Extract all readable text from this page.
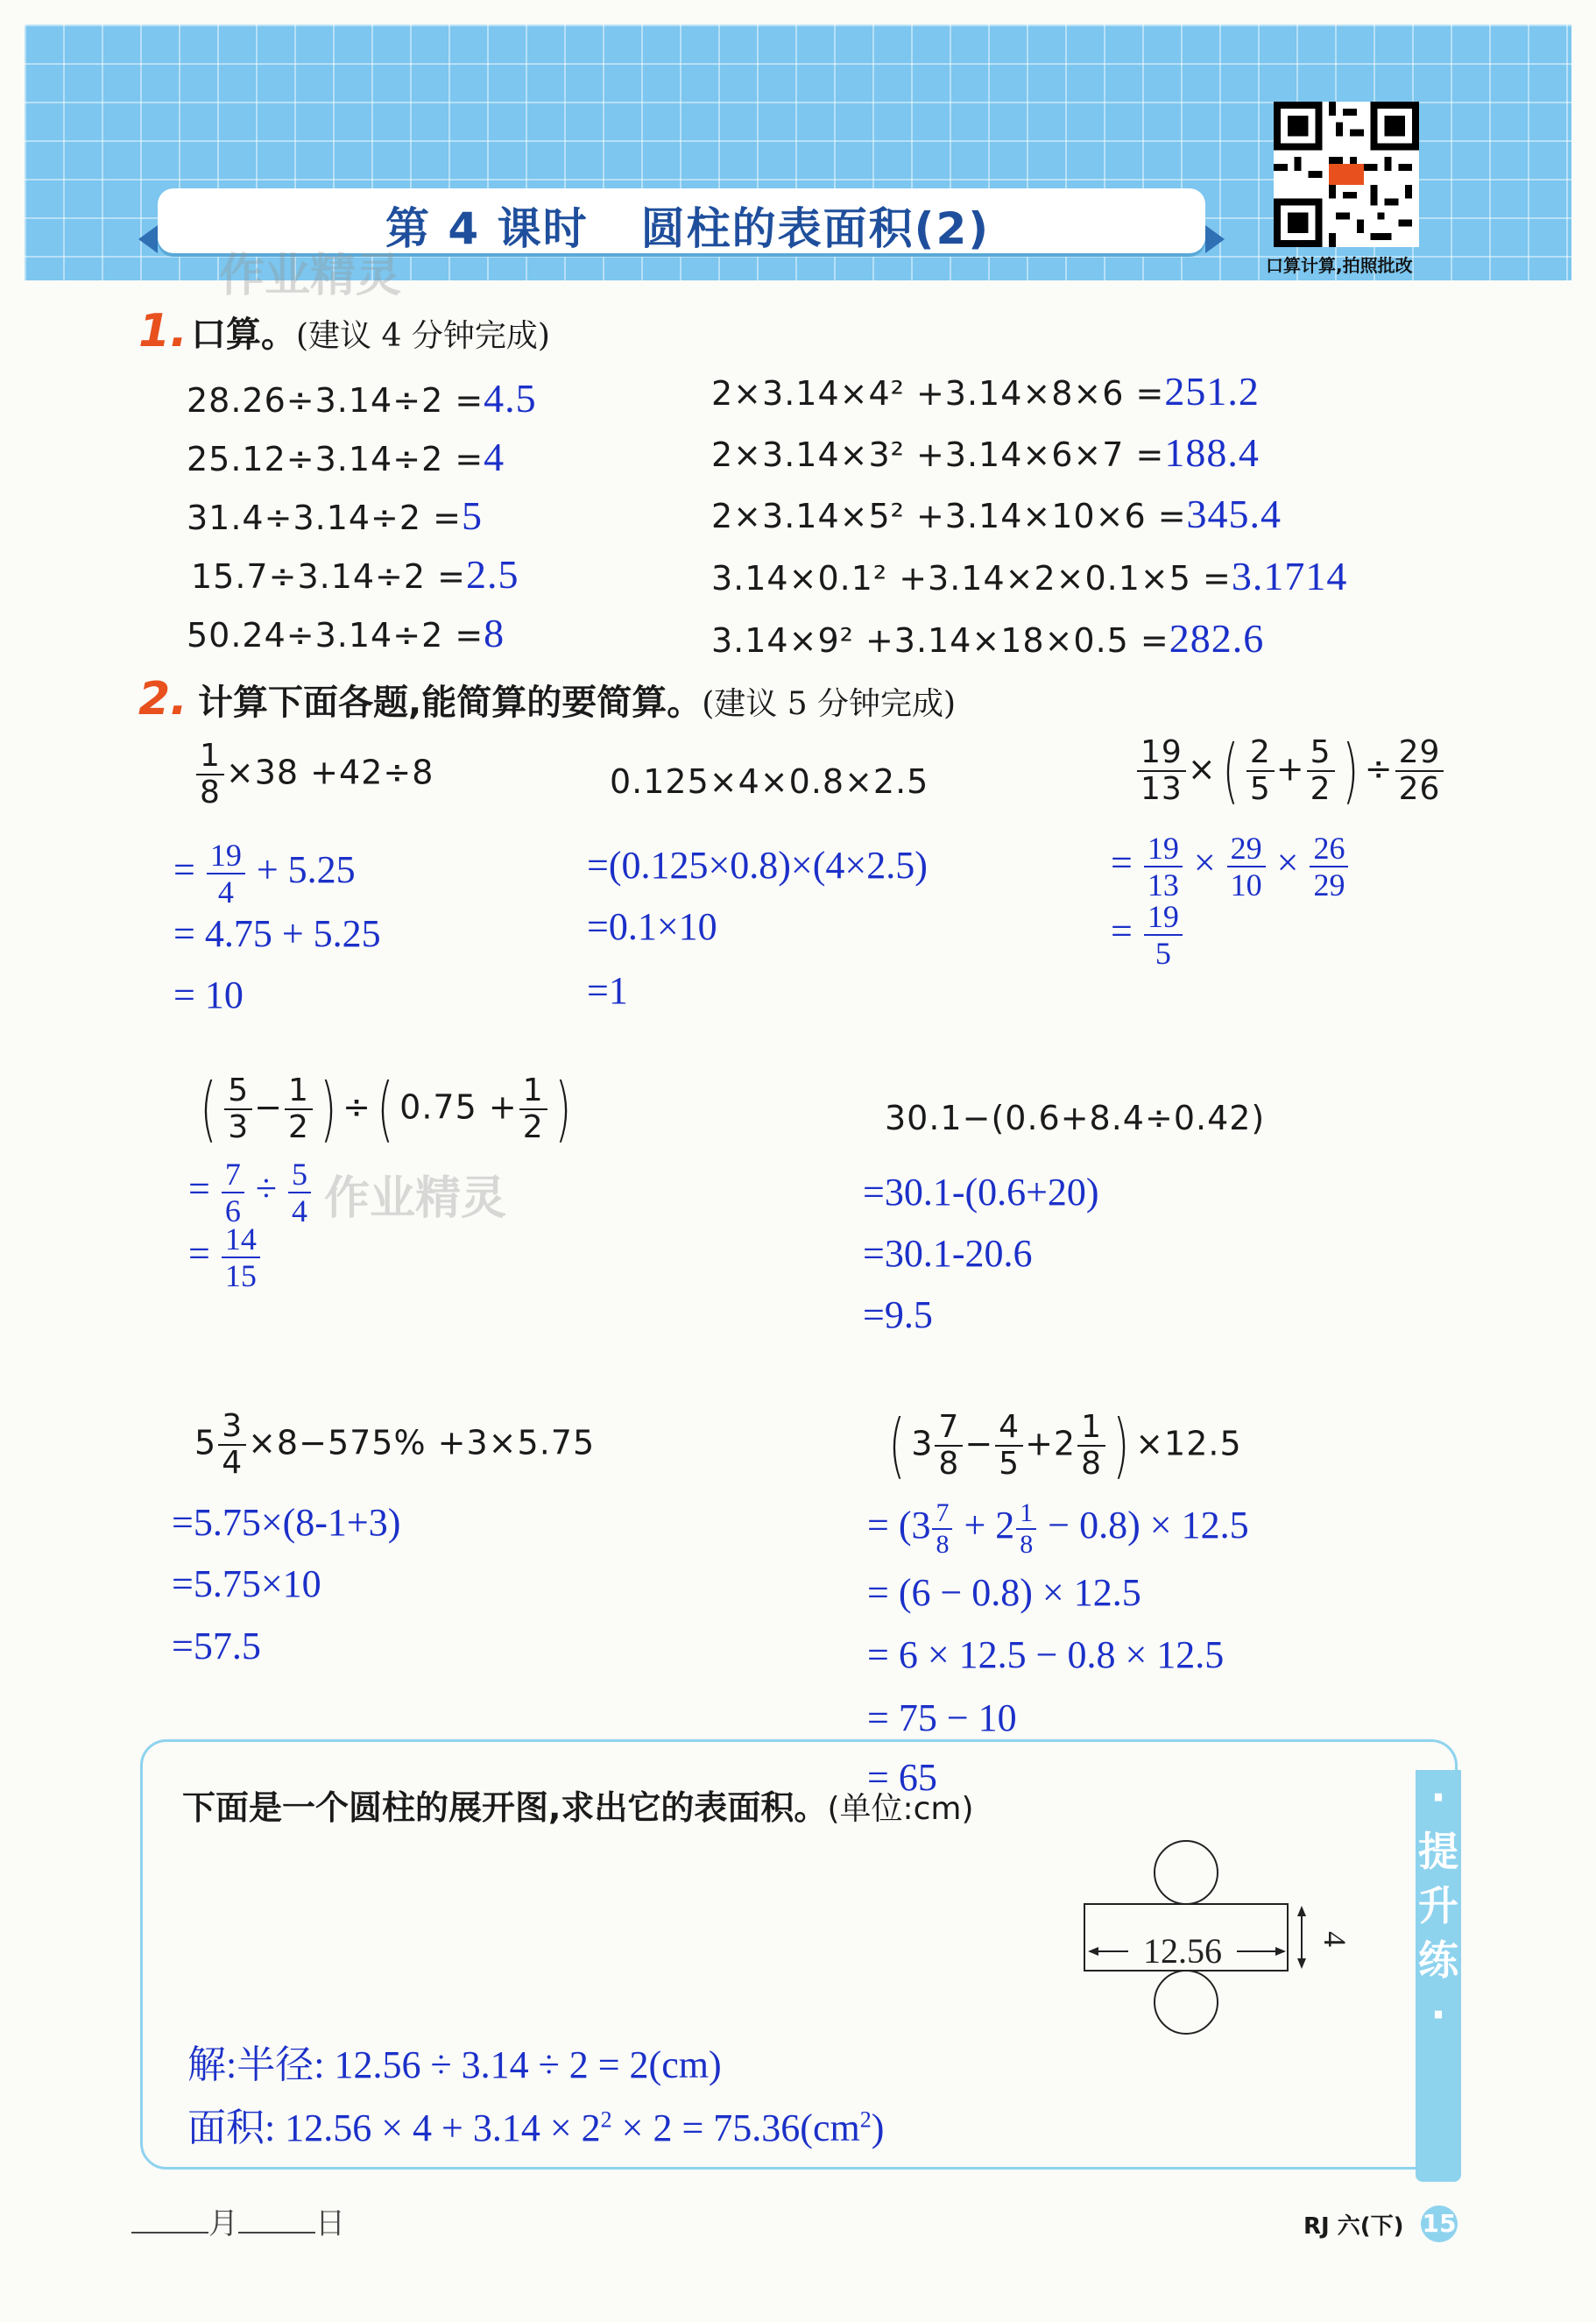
第 4 课时 圆柱的表面积(2)
口算计算,拍照批改
作业精灵
作业精灵
1. 口算。(建议 4 分钟完成)
28.26÷3.14÷2 =4.5
25.12÷3.14÷2 =4
31.4÷3.14÷2 =5
15.7÷3.14÷2 =2.5
50.24÷3.14÷2 =8
2×3.14×4² +3.14×8×6 =251.2
2×3.14×3² +3.14×6×7 =188.4
2×3.14×5² +3.14×10×6 =345.4
3.14×0.1² +3.14×2×0.1×5 =3.1714
3.14×9² +3.14×18×0.5 =282.6
2. 计算下面各题,能简算的要简算。(建议 5 分钟完成)
$\frac{1}{8} \times 38 +42\div 8$
= $\frac{19}{4} + 5.25$
= 4.75 + 5.25
= 10
0.125×4×0.8×2.5
=(0.125×0.8)×(4×2.5)
=0.1×10
=1
$\frac{19}{13}$ ×( $\frac{2}{5} + \frac{5}{2}$ ) ÷ $\frac{29}{26}$
= $\frac{19}{13} \times \frac{29}{10} \times \frac{26}{29}$
= $\frac{19}{5}$
( $\frac{5}{3} - \frac{1}{2}$ ) ÷( $0.75 + \frac{1}{2}$ )
= $\frac{7}{6} \div \frac{5}{4}$
= $\frac{14}{15}$
30.1−(0.6+8.4÷0.42)
=30.1-(0.6+20)
=30.1-20.6
=9.5
$5 \frac{3}{4} \times 8-575\% +3\times 5.75$
=5.75×(8-1+3)
=5.75×10
=57.5
( $3 \frac{7}{8} - \frac{4}{5} +2 \frac{1}{8}$ ) ×12.5
= $(3 \frac{7}{8} + 2 \frac{1}{8} - 0.8) \times 12.5$
= (6 − 0.8) × 12.5
= 6 × 12.5 − 0.8 × 12.5
= 75 − 10
·
提
升
练
·
= 65
下面是一个圆柱的展开图,求出它的表面积。(单位:cm)
12.56	4
解:半径: 12.56 ÷ 3.14 ÷ 2 = 2(cm)
面积: $12.56 \times 4 + 3.14 \times 2^2 \times 2 = 75.36(cm^2)$
月	日	RJ 六(下) 15
